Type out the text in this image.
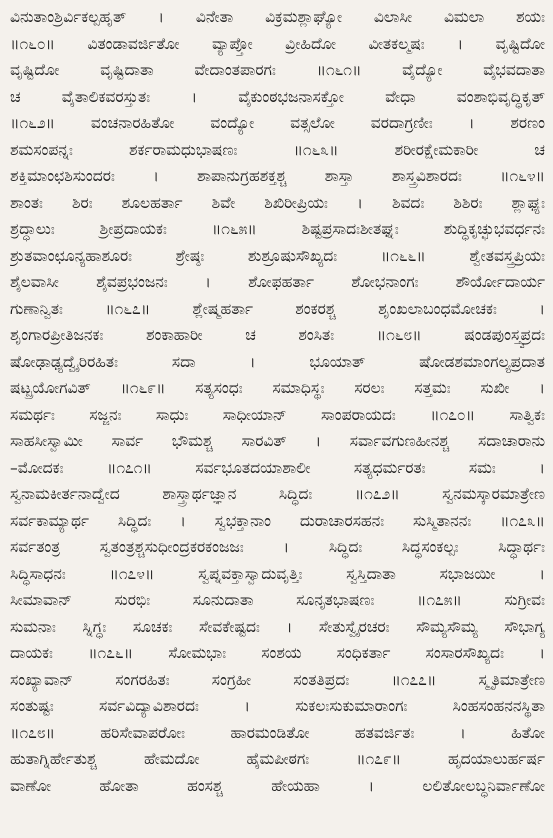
ವಿನುತಾಂಶ್ರಿರ್ವಿಕಲ್ಪಹೃತ್ । ವಿನೇತಾ ವಿಕ್ರಮಶ್ಲಾಘ್ಯೋ ವಿಲಾಸೀ ವಿಮಲಾ ಶಯಃ
॥೧೬೦॥ ವಿತಂಡಾವರ್ಜಿತೋ ವ್ಯಾಪ್ತೋ ವ್ರೀಹಿದೋ ವೀತಕಲ್ಮಷಃ । ವೃಷ್ಟಿದೋ
ವೃಷ್ಟಿದೋ ವೃಷ್ಟಿದಾತಾ ವೇದಾಂತಪಾರಗಃ ॥೧೬೧॥ ವೈದ್ಯೋ ವೈಭವದಾತಾ
ಚ ವೈತಾಲಿಕವರಸ್ತುತಃ । ವೈಕುಂಠಭಜನಾಸಕ್ತೋ ವೇಧಾ ವಂಶಾಭಿವೃದ್ಧಿಕೃತ್
॥೧೬೨॥ ವಂಚನಾರಹಿತೋ ವಂದ್ಯೋ ವತ್ಸಲೋ ವರದಾಗ್ರಣೀಃ । ಶರಣಂ
ಶಮಸಂಪನ್ನಃ ಶರ್ಕರಾಮಧುಭಾಷಣಃ ॥೧೬೩॥ ಶರೀರಕ್ಷೇಮಕಾರೀ ಚ
ಶಕ್ತಿಮಾಂಛಶಿಸುಂದರಃ । ಶಾಪಾನುಗ್ರಹಶಕ್ತಶ್ಚ ಶಾಸ್ತಾ ಶಾಸ್ತ್ರವಿಶಾರದಃ ॥೧೬೪॥
ಶಾಂತಃ ಶಿರಃ ಶೂಲಹರ್ತಾ ಶಿವೇ ಶಿಖಿರೀಪ್ರಿಯಃ । ಶಿವದಃ ಶಿಶಿರಃ ಶ್ಲಾಘ್ಯಃ
ಶ್ರದ್ಧಾಲುಃ ಶ್ರೀಪ್ರದಾಯಕಃ ॥೧೬೫॥ ಶಿಷ್ಟಪ್ರಸಾದಃಶೀತಘ್ನಃ ಶುದ್ಧಿಕೃಚ್ಛುಭವರ್ಧನಃ
ಶ್ರುತವಾಂಛೂನ್ಯಹಾಶೂರಃ ಶ್ರೇಷ್ಠಃ ಶುಶ್ರೂಷುಸೌಖ್ಯದಃ ॥೧೬೬॥ ಶ್ವೇತವಸ್ತ್ರಪ್ರಿಯಃ
ಶೈಲವಾಸೀ ಶೈವಪ್ರಭಂಜನಃ । ಶೋಫಹರ್ತಾ ಶೋಭನಾಂಗಃ ಶೌರ್ಯೋದಾರ್ಯ
ಗುಣಾನ್ವಿತಃ ॥೧೬೭॥ ಶ್ಲೇಷ್ಮಹರ್ತಾ ಶಂಕರಶ್ಚ ಶೃಂಖಲಾಬಂಧಮೋಚಕಃ ।
ಶೃಂಗಾರಪ್ರೀತಿಜನಕಃ ಶಂಕಾಹಾರೀ ಚ ಶಂಸಿತಃ ॥೧೬೮॥ ಷಂಡಪುಂಸ್ತ್ವಪ್ರದಃ
ಷೋಢಾಢ್ಯದ್ವೈರಿರಹಿತಃ ಸದಾ । ಭೂಯಾತ್ ಷೋಡಶಮಾಂಗಲ್ಯಪ್ರದಾತ
ಷಟ್ಪ್ರಯೋಗವಿತ್ ॥೧೬೯॥ ಸತ್ಯಸಂಧಃ ಸಮಾಧಿಸ್ಥಃ ಸರಲಃ ಸತ್ತಮಃ ಸುಖೀ ।
ಸಮರ್ಥಃ ಸಜ್ಜನಃ ಸಾಧುಃ ಸಾಧೀಯಾನ್ ಸಾಂಪರಾಯದಃ ॥೧೭೦॥ ಸಾತ್ವಿಕಃ
ಸಾಹಸೀಸ್ವಾಮೀ ಸಾರ್ವ ಭೌಮಶ್ಚ ಸಾರವಿತ್ । ಸರ್ವಾವಗುಣಹೀನಶ್ಚ ಸದಾಚಾರಾನು
–ಮೋದಕಃ ॥೧೭೧॥ ಸರ್ವಭೂತದಯಾಶಾಲೀ ಸತ್ಯಧರ್ಮರತಃ ಸಮಃ ।
ಸ್ವನಾಮಕೀರ್ತನಾದ್ವೇದ ಶಾಸ್ತ್ರಾರ್ಥಜ್ಞಾನ ಸಿದ್ಧಿದಃ ॥೧೭೨॥ ಸ್ವನಮಸ್ಕಾರಮಾತ್ರೇಣ
ಸರ್ವಕಾಮ್ಯಾರ್ಥ ಸಿದ್ಧಿದಃ । ಸ್ವಭಕ್ತಾನಾಂ ದುರಾಚಾರಸಹನಃ ಸುಸ್ಮಿತಾನನಃ ॥೧೭೩॥
ಸರ್ವತಂತ್ರ ಸ್ವತಂತ್ರಶ್ಚಸುಧೀಂದ್ರಕರಕಂಜಜಃ । ಸಿದ್ಧಿದಃ ಸಿದ್ಧಸಂಕಲ್ಪಃ ಸಿದ್ಧಾರ್ಥಃ
ಸಿದ್ಧಿಸಾಧನಃ ॥೧೭೪॥ ಸ್ವಪ್ನವಕ್ತಾಸ್ವಾದುವೃತ್ತಿಃ ಸ್ವಸ್ತಿದಾತಾ ಸಭಾಜಯೀ ।
ಸೀಮಾವಾನ್ ಸುರಭಿಃ ಸೂನುದಾತಾ ಸೂನೃತಭಾಷಣಃ ॥೧೭೫॥ ಸುಗ್ರೀವಃ
ಸುಮನಾಃ ಸ್ನಿಗ್ಧಃ ಸೂಚಕಃ ಸೇವಕೇಷ್ಟದಃ । ಸೇತುಸ್ವೈರಚರಃ ಸೌಮ್ಯಸೌಮ್ಯ ಸೌಭಾಗ್ಯ
ದಾಯಕಃ ॥೧೭೬॥ ಸೋಮಭಾಃ ಸಂಶಯ ಸಂಧಿಕರ್ತಾ ಸಂಸಾರಸೌಖ್ಯದಃ ।
ಸಂಖ್ಯಾವಾನ್ ಸಂಗರಹಿತಃ ಸಂಗ್ರಹೀ ಸಂತತಿಪ್ರದಃ ॥೧೭೭॥ ಸ್ಮೃತಿಮಾತ್ರೇಣ
ಸಂತುಷ್ಟಃ ಸರ್ವವಿದ್ಯಾವಿಶಾರದಃ । ಸುಕಲಃಸುಕುಮಾರಾಂಗಃ ಸಿಂಹಸಂಹನನಸ್ಥಿತಾ
॥೧೭೮॥ ಹರಿಸೇವಾಪರೋಃ ಹಾರಮಂಡಿತೋ ಹತವರ್ಜಿತಃ । ಹಿತೋ
ಹುತಾಗ್ನಿರ್ಹೇತುಶ್ಚ ಹೇಮದೋ ಹೈಮಪೀಠಗಃ ॥೧೭೯॥ ಹೃದಯಾಲುರ್ಹರ್ಷ
ವಾಣೋ ಹೋತಾ ಹಂಸಶ್ಚ ಹೇಯಹಾ । ಲಲಿತೋಲಬ್ಧನಿರ್ವಾಣೋ
